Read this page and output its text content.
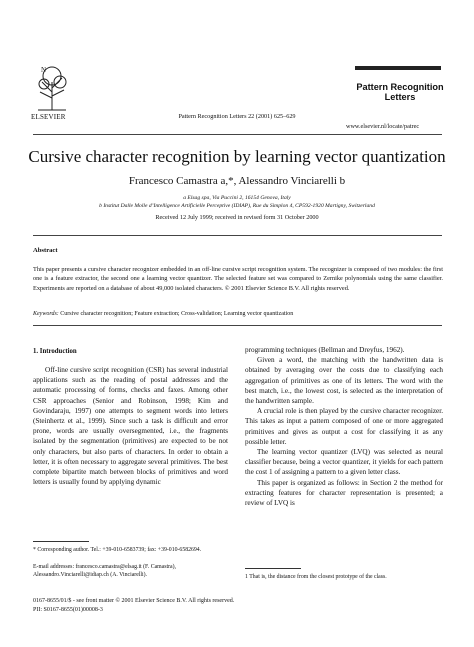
N
ELSEVIER	Pattern Recognition Letters 22 (2001) 625–629
Pattern Recognition Letters
www.elsevier.nl/locate/patrec
Cursive character recognition by learning vector quantization
Francesco Camastra a,*, Alessandro Vinciarelli b
a Elsag spa, Via Puccini 2, 16154 Genova, Italy
b Institut Dalle Molle d’Intelligence Artificielle Perceptive (IDIAP), Rue du Simplon 4, CP592-1920 Martigny, Switzerland
Received 12 July 1999; received in revised form 31 October 2000
Abstract
This paper presents a cursive character recognizer embedded in an off-line cursive script recognition system. The recognizer is composed of two modules: the first one is a feature extractor, the second one a learning vector quantizer. The selected feature set was compared to Zernike polynomials using the same classifier. Experiments are reported on a database of about 49,000 isolated characters. © 2001 Elsevier Science B.V. All rights reserved.
Keywords: Cursive character recognition; Feature extraction; Cross-validation; Learning vector quantization
1. Introduction

Off-line cursive script recognition (CSR) has several industrial applications such as the reading of postal addresses and the automatic processing of forms, checks and faxes. Among other CSR approaches (Senior and Robinson, 1998; Kim and Govindaraju, 1997) one attempts to segment words into letters (Steinhertz et al., 1999). Since such a task is difficult and error prone, words are usually oversegmented, i.e., the fragments isolated by the segmentation (primitives) are expected to be not only characters, but also parts of characters. In order to obtain a letter, it is often necessary to aggregate several primitives. The best complete bipartite match between blocks of primitives and word letters is usually found by applying dynamic

programming techniques (Bellman and Dreyfus, 1962).

Given a word, the matching with the handwritten data is obtained by averaging over the costs due to classifying each aggregation of primitives as one of its letters. The word with the best match, i.e., the lowest cost, is selected as the interpretation of the handwritten sample.

A crucial role is then played by the cursive character recognizer. This takes as input a pattern composed of one or more aggregated primitives and gives as output a cost for classifying it as any possible letter.

The learning vector quantizer (LVQ) was selected as neural classifier because, being a vector quantizer, it yields for each pattern the cost 1 of assigning a pattern to a given letter class.

This paper is organized as follows: in Section 2 the method for extracting features for character representation is presented; a review of LVQ is

* Corresponding author. Tel.: +39-010-6583739; fax: +39-010-6582694.
E-mail addresses: francesco.camastra@elsag.it (F. Camastra), Alessandro.Vinciarelli@idiap.ch (A. Vinciarelli).	1 That is, the distance from the closest prototype of the class.
0167-8655/01/$ - see front matter © 2001 Elsevier Science B.V. All rights reserved.
PII: S0167-8655(01)00008-3
